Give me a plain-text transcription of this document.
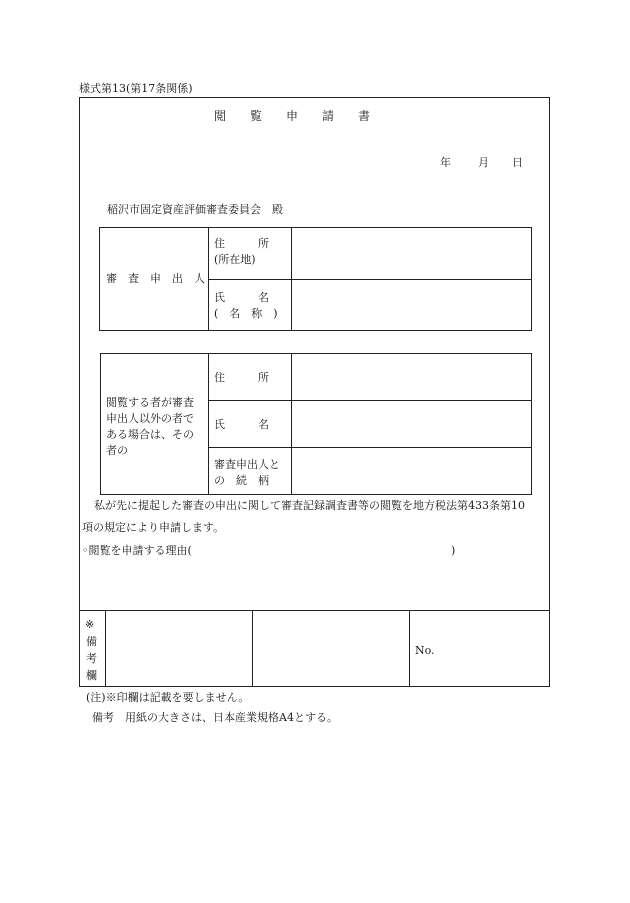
様式第13(第17条関係)
閲　　覧　　申　　請　　書
年 月 日
稲沢市固定資産評価審査委員会　殿
審　査　申　出　人
住　　　所
(所在地)
氏　　　名
(　名　称　)
閲覧する者が審査申出人以外の者である場合は、その者の
住　　　所
氏　　　名
審査申出人と
の　続　柄
私が先に提起した審査の申出に関して審査記録調査書等の閲覧を地方税法第433条第10
項の規定により申請します。
◦閲覧を申請する理由(	)
※
備
考
欄
No.
(注)※印欄は記載を要しません。
備考　用紙の大きさは、日本産業規格A4とする。
